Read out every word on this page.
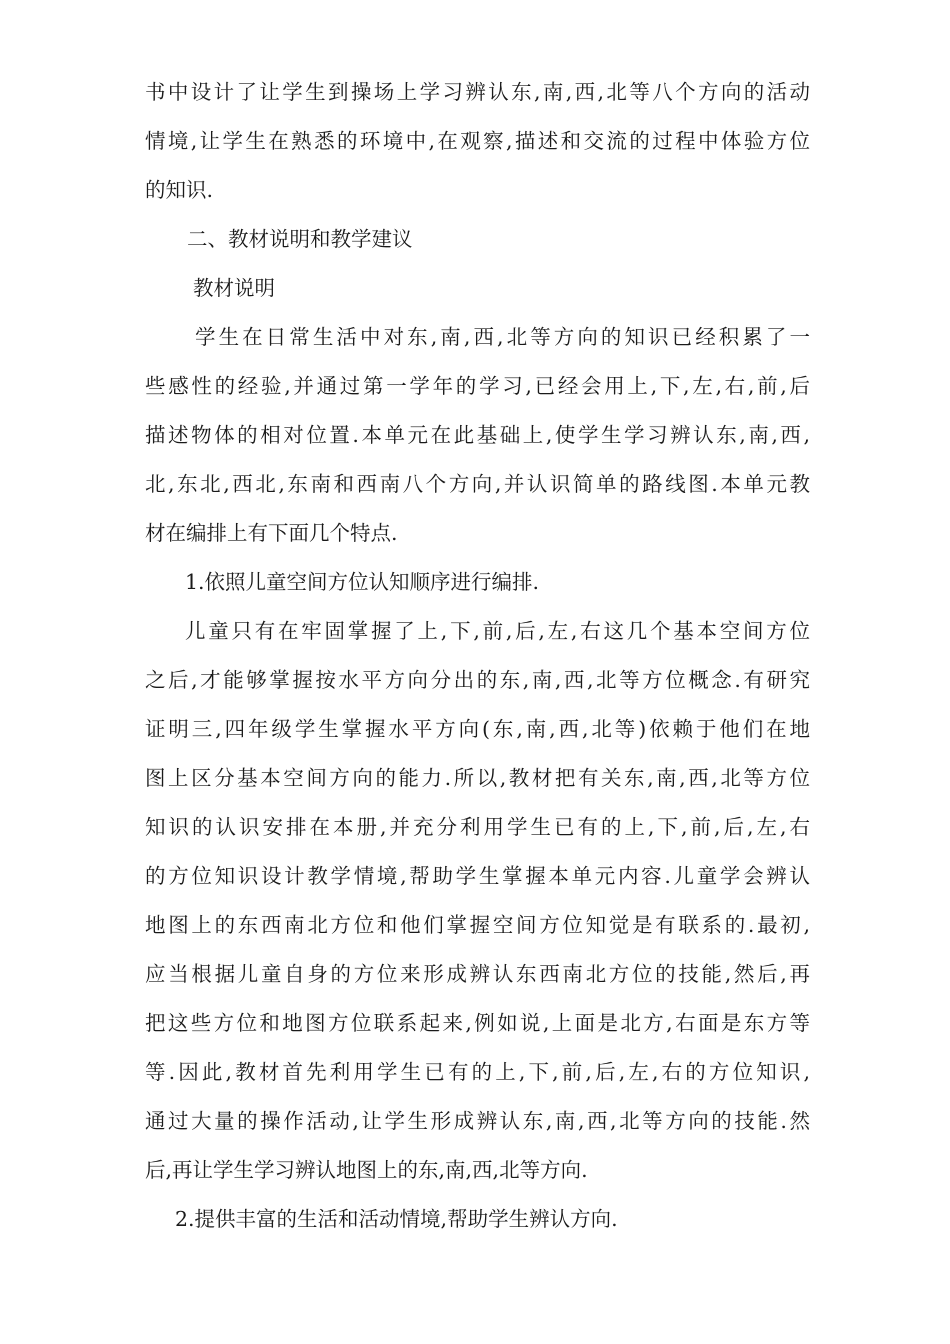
书中设计了让学生到操场上学习辨认东,南,西,北等八个方向的活动
情境,让学生在熟悉的环境中,在观察,描述和交流的过程中体验方位
的知识.
二、教材说明和教学建议
教材说明
学生在日常生活中对东,南,西,北等方向的知识已经积累了一
些感性的经验,并通过第一学年的学习,已经会用上,下,左,右,前,后
描述物体的相对位置.本单元在此基础上,使学生学习辨认东,南,西,
北,东北,西北,东南和西南八个方向,并认识简单的路线图.本单元教
材在编排上有下面几个特点.
1.依照儿童空间方位认知顺序进行编排.
儿童只有在牢固掌握了上,下,前,后,左,右这几个基本空间方位
之后,才能够掌握按水平方向分出的东,南,西,北等方位概念.有研究
证明三,四年级学生掌握水平方向(东,南,西,北等)依赖于他们在地
图上区分基本空间方向的能力.所以,教材把有关东,南,西,北等方位
知识的认识安排在本册,并充分利用学生已有的上,下,前,后,左,右
的方位知识设计教学情境,帮助学生掌握本单元内容.儿童学会辨认
地图上的东西南北方位和他们掌握空间方位知觉是有联系的.最初,
应当根据儿童自身的方位来形成辨认东西南北方位的技能,然后,再
把这些方位和地图方位联系起来,例如说,上面是北方,右面是东方等
等.因此,教材首先利用学生已有的上,下,前,后,左,右的方位知识,
通过大量的操作活动,让学生形成辨认东,南,西,北等方向的技能.然
后,再让学生学习辨认地图上的东,南,西,北等方向.
2.提供丰富的生活和活动情境,帮助学生辨认方向.
